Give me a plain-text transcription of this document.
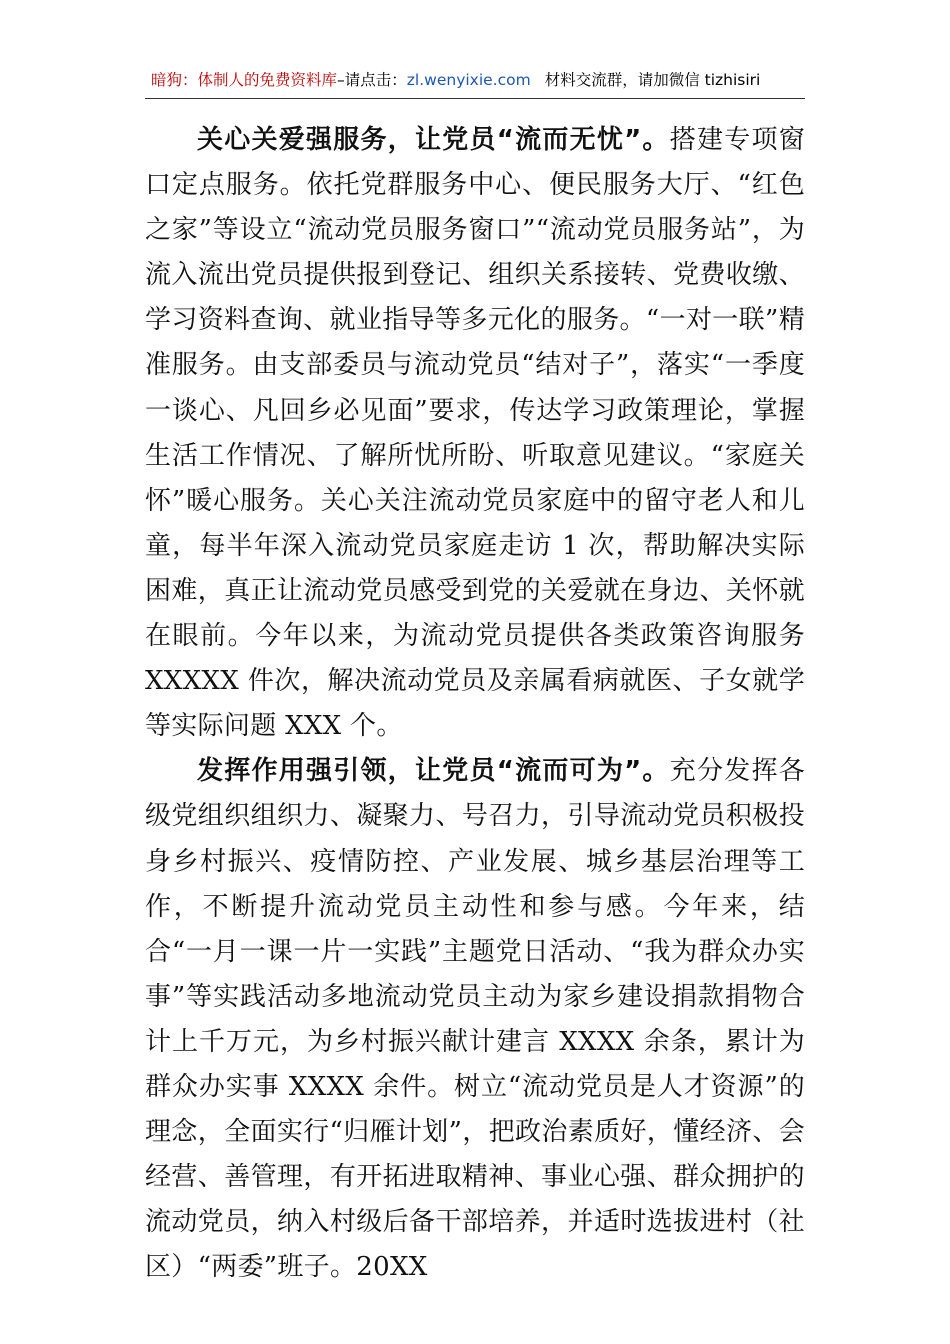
暗狗：体制人的免费资料库–请点击：zl.wenyixie.com 材料交流群，请加微信 tizhisiri

关心关爱强服务，让党员“流而无忧”。搭建专项窗口定点服务。依托党群服务中心、便民服务大厅、“红色之家”等设立“流动党员服务窗口”“流动党员服务站”，为流入流出党员提供报到登记、组织关系接转、党费收缴、学习资料查询、就业指导等多元化的服务。“一对一联”精准服务。由支部委员与流动党员“结对子”，落实“一季度一谈心、凡回乡必见面”要求，传达学习政策理论，掌握生活工作情况、了解所忧所盼、听取意见建议。“家庭关怀”暖心服务。关心关注流动党员家庭中的留守老人和儿童，每半年深入流动党员家庭走访 1 次，帮助解决实际困难，真正让流动党员感受到党的关爱就在身边、关怀就在眼前。今年以来，为流动党员提供各类政策咨询服务 XXXXX 件次，解决流动党员及亲属看病就医、子女就学等实际问题 XXX 个。

发挥作用强引领，让党员“流而可为”。充分发挥各级党组织组织力、凝聚力、号召力，引导流动党员积极投身乡村振兴、疫情防控、产业发展、城乡基层治理等工作，不断提升流动党员主动性和参与感。今年来，结合“一月一课一片一实践”主题党日活动、“我为群众办实事”等实践活动多地流动党员主动为家乡建设捐款捐物合计上千万元，为乡村振兴献计建言 XXXX 余条，累计为群众办实事 XXXX 余件。树立“流动党员是人才资源”的理念，全面实行“归雁计划”，把政治素质好，懂经济、会经营、善管理，有开拓进取精神、事业心强、群众拥护的流动党员，纳入村级后备干部培养，并适时选拔进村（社区）“两委”班子。20XX
